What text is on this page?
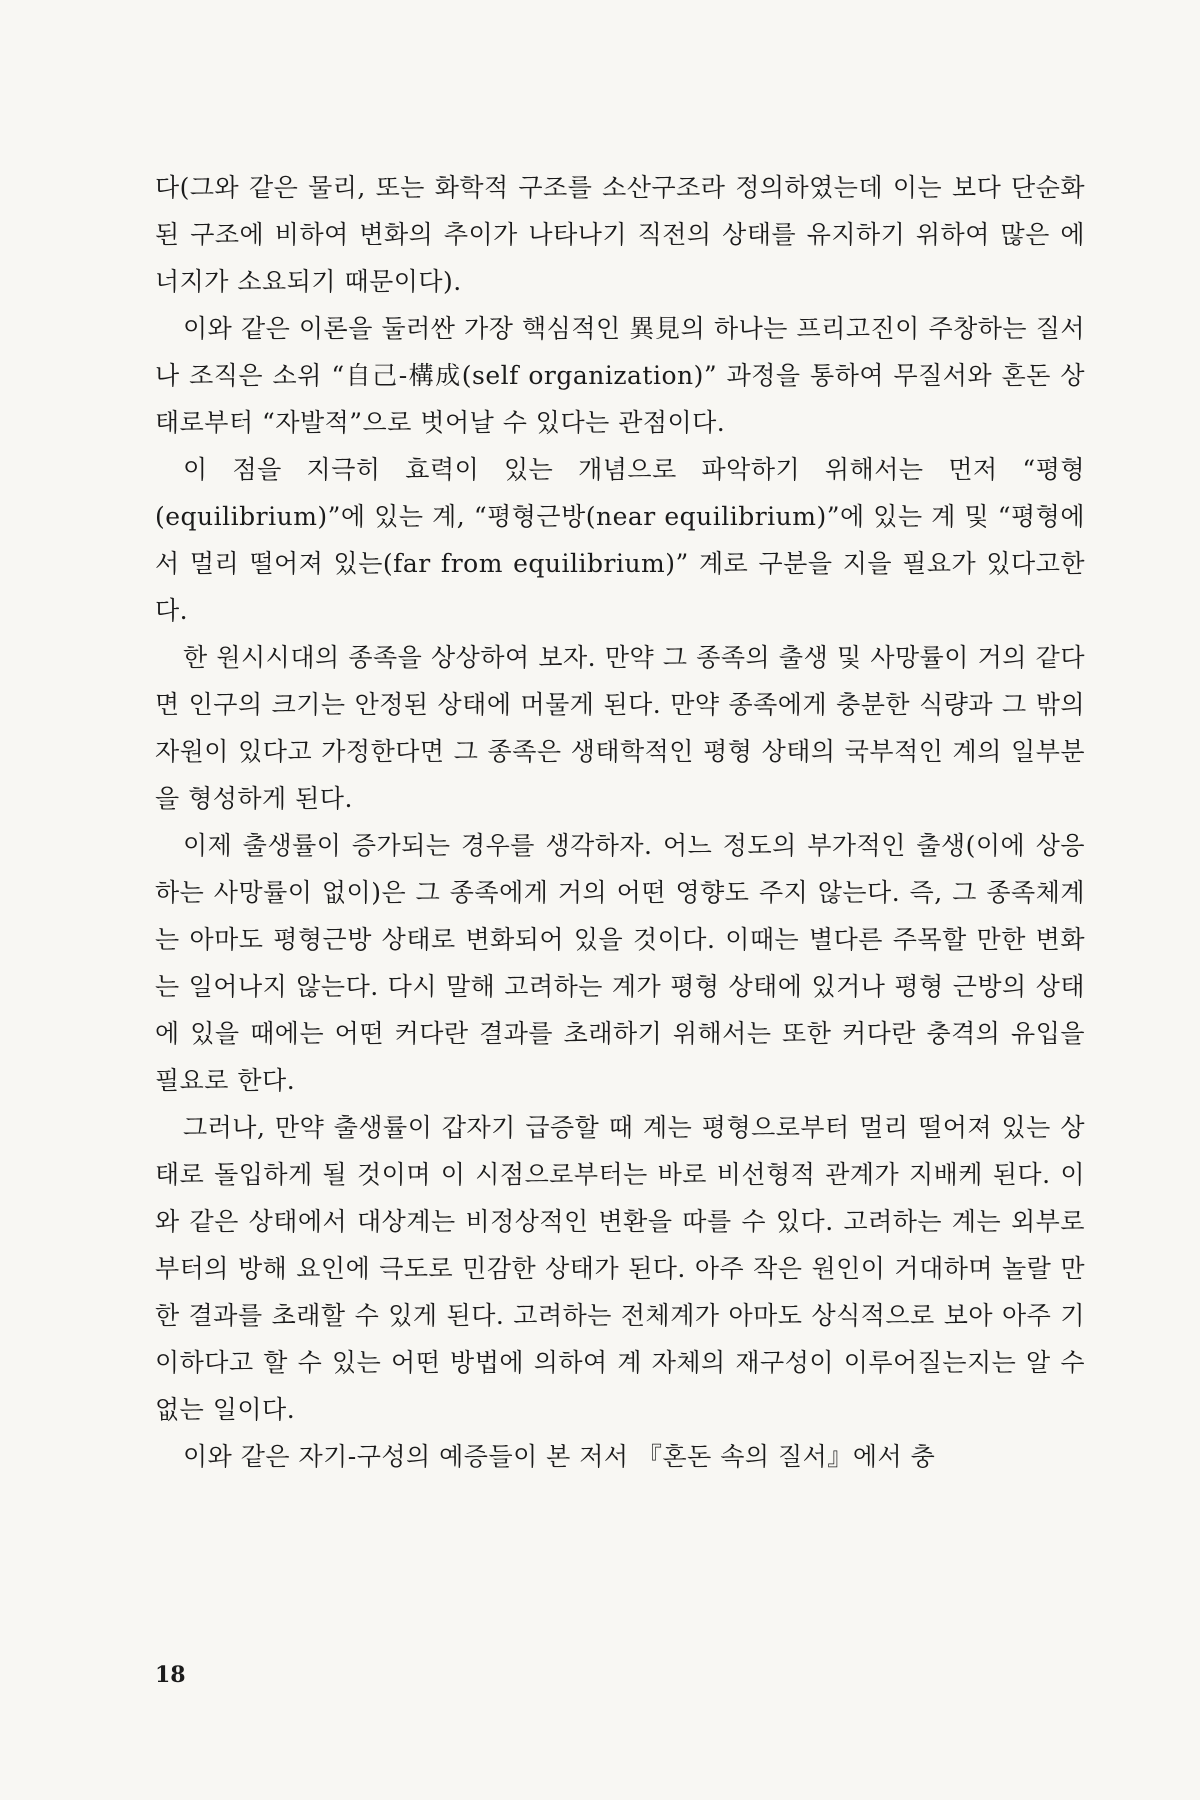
다(그와 같은 물리, 또는 화학적 구조를 소산구조라 정의하였는데 이는 보다 단순화된 구조에 비하여 변화의 추이가 나타나기 직전의 상태를 유지하기 위하여 많은 에너지가 소요되기 때문이다).

이와 같은 이론을 둘러싼 가장 핵심적인 異見의 하나는 프리고진이 주창하는 질서나 조직은 소위 “自己-構成(self organization)” 과정을 통하여 무질서와 혼돈 상태로부터 “자발적”으로 벗어날 수 있다는 관점이다.

이 점을 지극히 효력이 있는 개념으로 파악하기 위해서는 먼저 “평형(equilibrium)”에 있는 계, “평형근방(near equilibrium)”에 있는 계 및 “평형에서 멀리 떨어져 있는(far from equilibrium)” 계로 구분을 지을 필요가 있다고한다.

한 원시시대의 종족을 상상하여 보자. 만약 그 종족의 출생 및 사망률이 거의 같다면 인구의 크기는 안정된 상태에 머물게 된다. 만약 종족에게 충분한 식량과 그 밖의 자원이 있다고 가정한다면 그 종족은 생태학적인 평형 상태의 국부적인 계의 일부분을 형성하게 된다.

이제 출생률이 증가되는 경우를 생각하자. 어느 정도의 부가적인 출생(이에 상응하는 사망률이 없이)은 그 종족에게 거의 어떤 영향도 주지 않는다. 즉, 그 종족체계는 아마도 평형근방 상태로 변화되어 있을 것이다. 이때는 별다른 주목할 만한 변화는 일어나지 않는다. 다시 말해 고려하는 계가 평형 상태에 있거나 평형 근방의 상태에 있을 때에는 어떤 커다란 결과를 초래하기 위해서는 또한 커다란 충격의 유입을 필요로 한다.

그러나, 만약 출생률이 갑자기 급증할 때 계는 평형으로부터 멀리 떨어져 있는 상태로 돌입하게 될 것이며 이 시점으로부터는 바로 비선형적 관계가 지배케 된다. 이와 같은 상태에서 대상계는 비정상적인 변환을 따를 수 있다. 고려하는 계는 외부로부터의 방해 요인에 극도로 민감한 상태가 된다. 아주 작은 원인이 거대하며 놀랄 만한 결과를 초래할 수 있게 된다. 고려하는 전체계가 아마도 상식적으로 보아 아주 기이하다고 할 수 있는 어떤 방법에 의하여 계 자체의 재구성이 이루어질는지는 알 수 없는 일이다.

이와 같은 자기-구성의 예증들이 본 저서 『혼돈 속의 질서』에서 충

18
